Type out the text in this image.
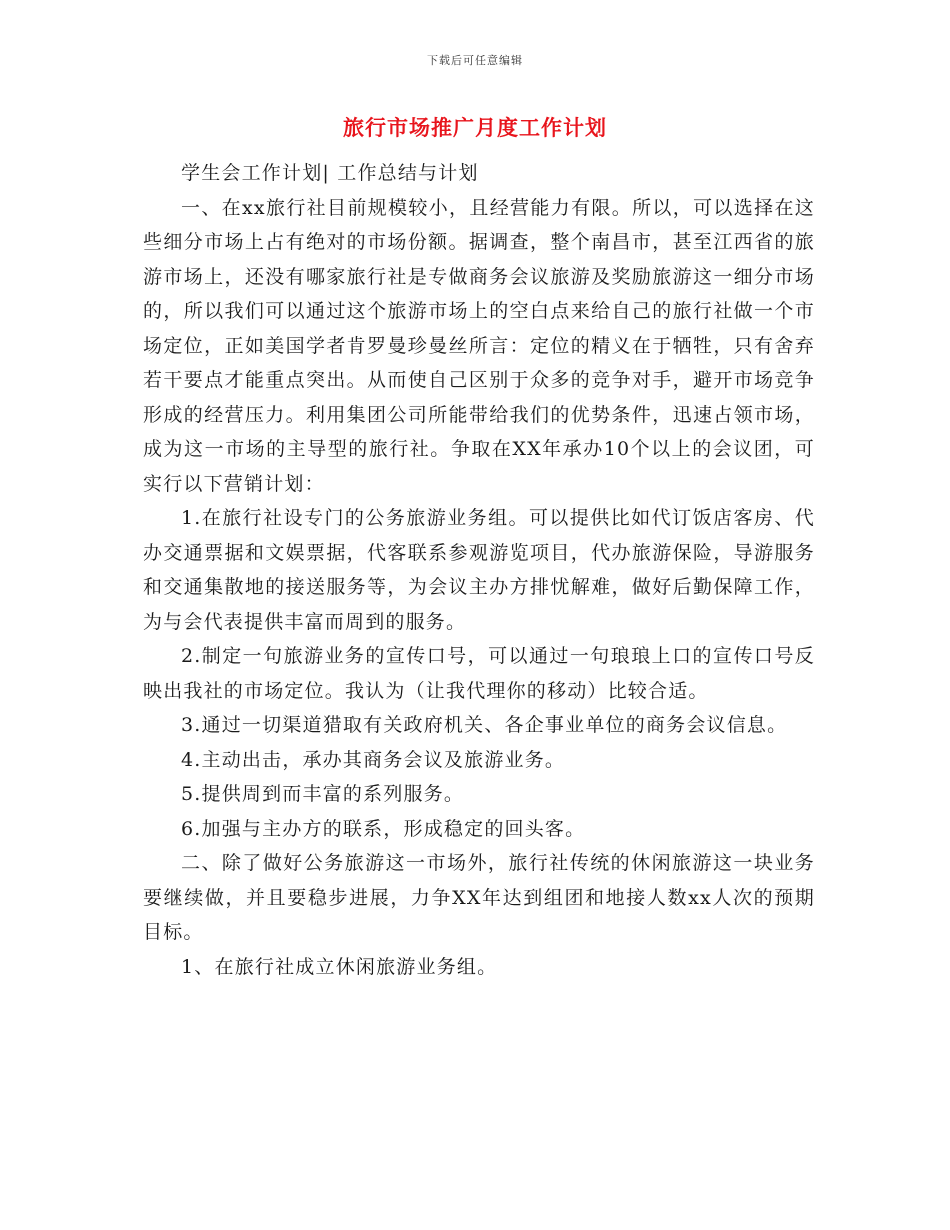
下载后可任意编辑
旅行市场推广月度工作计划

学生会工作计划| 工作总结与计划

一、在xx旅行社目前规模较小，且经营能力有限。所以，可以选择在这些细分市场上占有绝对的市场份额。据调查，整个南昌市，甚至江西省的旅游市场上，还没有哪家旅行社是专做商务会议旅游及奖励旅游这一细分市场的，所以我们可以通过这个旅游市场上的空白点来给自己的旅行社做一个市场定位，正如美国学者肯罗曼珍曼丝所言：定位的精义在于牺牲，只有舍弃若干要点才能重点突出。从而使自己区别于众多的竞争对手，避开市场竞争形成的经营压力。利用集团公司所能带给我们的优势条件，迅速占领市场，成为这一市场的主导型的旅行社。争取在XX年承办10个以上的会议团，可实行以下营销计划：

1.在旅行社设专门的公务旅游业务组。可以提供比如代订饭店客房、代办交通票据和文娱票据，代客联系参观游览项目，代办旅游保险，导游服务和交通集散地的接送服务等，为会议主办方排忧解难，做好后勤保障工作，为与会代表提供丰富而周到的服务。

2.制定一句旅游业务的宣传口号，可以通过一句琅琅上口的宣传口号反映出我社的市场定位。我认为（让我代理你的移动）比较合适。

3.通过一切渠道猎取有关政府机关、各企事业单位的商务会议信息。

4.主动出击，承办其商务会议及旅游业务。

5.提供周到而丰富的系列服务。

6.加强与主办方的联系，形成稳定的回头客。

二、除了做好公务旅游这一市场外，旅行社传统的休闲旅游这一块业务要继续做，并且要稳步进展，力争XX年达到组团和地接人数xx人次的预期目标。

1、在旅行社成立休闲旅游业务组。
